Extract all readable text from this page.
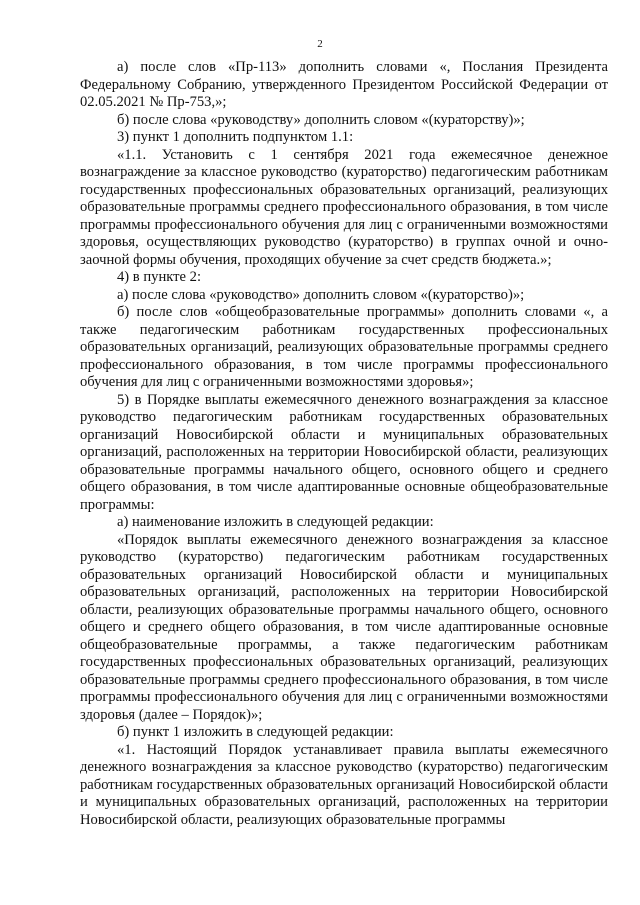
2

а) после слов «Пр-113» дополнить словами «, Послания Президента Федеральному Собранию, утвержденного Президентом Российской Федерации от 02.05.2021 № Пр-753,»;

б) после слова «руководству» дополнить словом «(кураторству)»;

3) пункт 1 дополнить подпунктом 1.1:

«1.1. Установить с 1 сентября 2021 года ежемесячное денежное вознаграждение за классное руководство (кураторство) педагогическим работникам государственных профессиональных образовательных организаций, реализующих образовательные программы среднего профессионального образования, в том числе программы профессионального обучения для лиц с ограниченными возможностями здоровья, осуществляющих руководство (кураторство) в группах очной и очно-заочной формы обучения, проходящих обучение за счет средств бюджета.»;

4) в пункте 2:

а) после слова «руководство» дополнить словом «(кураторство)»;

б) после слов «общеобразовательные программы» дополнить словами «, а также педагогическим работникам государственных профессиональных образовательных организаций, реализующих образовательные программы среднего профессионального образования, в том числе программы профессионального обучения для лиц с ограниченными возможностями здоровья»;

5) в Порядке выплаты ежемесячного денежного вознаграждения за классное руководство педагогическим работникам государственных образовательных организаций Новосибирской области и муниципальных образовательных организаций, расположенных на территории Новосибирской области, реализующих образовательные программы начального общего, основного общего и среднего общего образования, в том числе адаптированные основные общеобразовательные программы:

а) наименование изложить в следующей редакции:

«Порядок выплаты ежемесячного денежного вознаграждения за классное руководство (кураторство) педагогическим работникам государственных образовательных организаций Новосибирской области и муниципальных образовательных организаций, расположенных на территории Новосибирской области, реализующих образовательные программы начального общего, основного общего и среднего общего образования, в том числе адаптированные основные общеобразовательные программы, а также педагогическим работникам государственных профессиональных образовательных организаций, реализующих образовательные программы среднего профессионального образования, в том числе программы профессионального обучения для лиц с ограниченными возможностями здоровья (далее – Порядок)»;

б) пункт 1 изложить в следующей редакции:

«1. Настоящий Порядок устанавливает правила выплаты ежемесячного денежного вознаграждения за классное руководство (кураторство) педагогическим работникам государственных образовательных организаций Новосибирской области и муниципальных образовательных организаций, расположенных на территории Новосибирской области, реализующих образовательные программы
